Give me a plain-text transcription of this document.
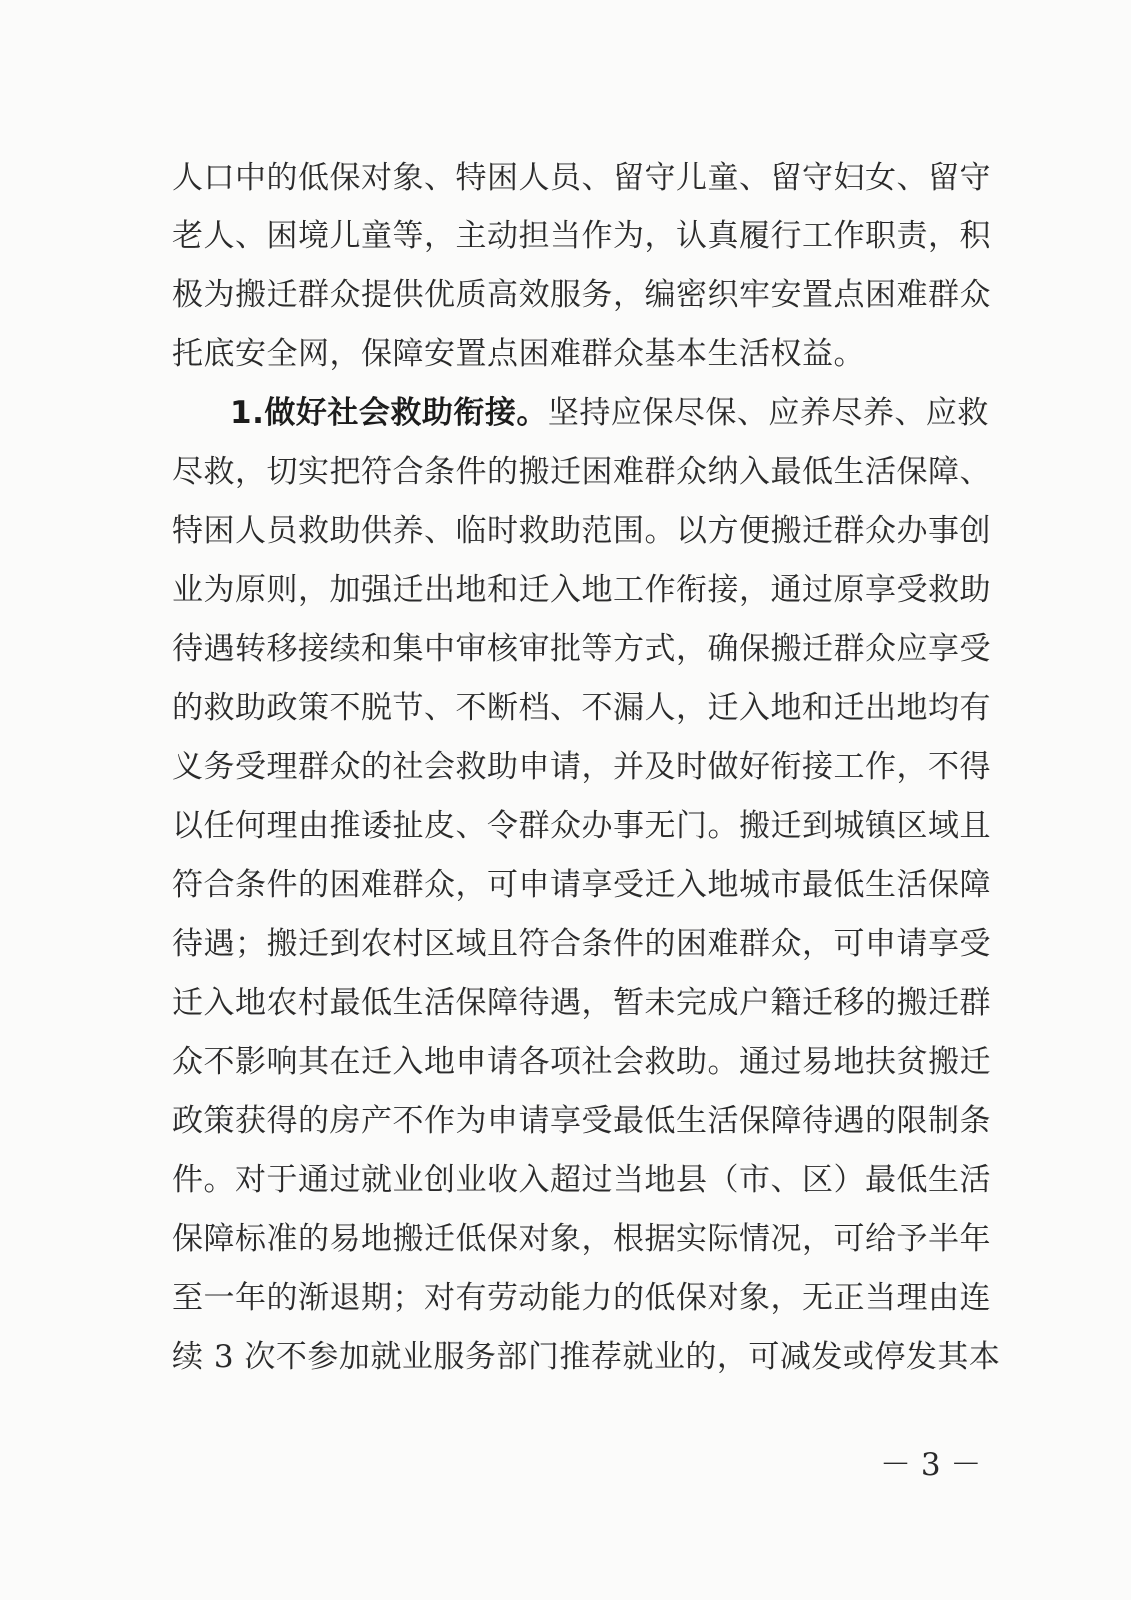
人口中的低保对象、特困人员、留守儿童、留守妇女、留守
老人、困境儿童等，主动担当作为，认真履行工作职责，积
极为搬迁群众提供优质高效服务，编密织牢安置点困难群众
托底安全网，保障安置点困难群众基本生活权益。
1.做好社会救助衔接。坚持应保尽保、应养尽养、应救
尽救，切实把符合条件的搬迁困难群众纳入最低生活保障、
特困人员救助供养、临时救助范围。以方便搬迁群众办事创
业为原则，加强迁出地和迁入地工作衔接，通过原享受救助
待遇转移接续和集中审核审批等方式，确保搬迁群众应享受
的救助政策不脱节、不断档、不漏人，迁入地和迁出地均有
义务受理群众的社会救助申请，并及时做好衔接工作，不得
以任何理由推诿扯皮、令群众办事无门。搬迁到城镇区域且
符合条件的困难群众，可申请享受迁入地城市最低生活保障
待遇；搬迁到农村区域且符合条件的困难群众，可申请享受
迁入地农村最低生活保障待遇，暂未完成户籍迁移的搬迁群
众不影响其在迁入地申请各项社会救助。通过易地扶贫搬迁
政策获得的房产不作为申请享受最低生活保障待遇的限制条
件。对于通过就业创业收入超过当地县（市、区）最低生活
保障标准的易地搬迁低保对象，根据实际情况，可给予半年
至一年的渐退期；对有劳动能力的低保对象，无正当理由连
续 3 次不参加就业服务部门推荐就业的，可减发或停发其本
－ 3 －
